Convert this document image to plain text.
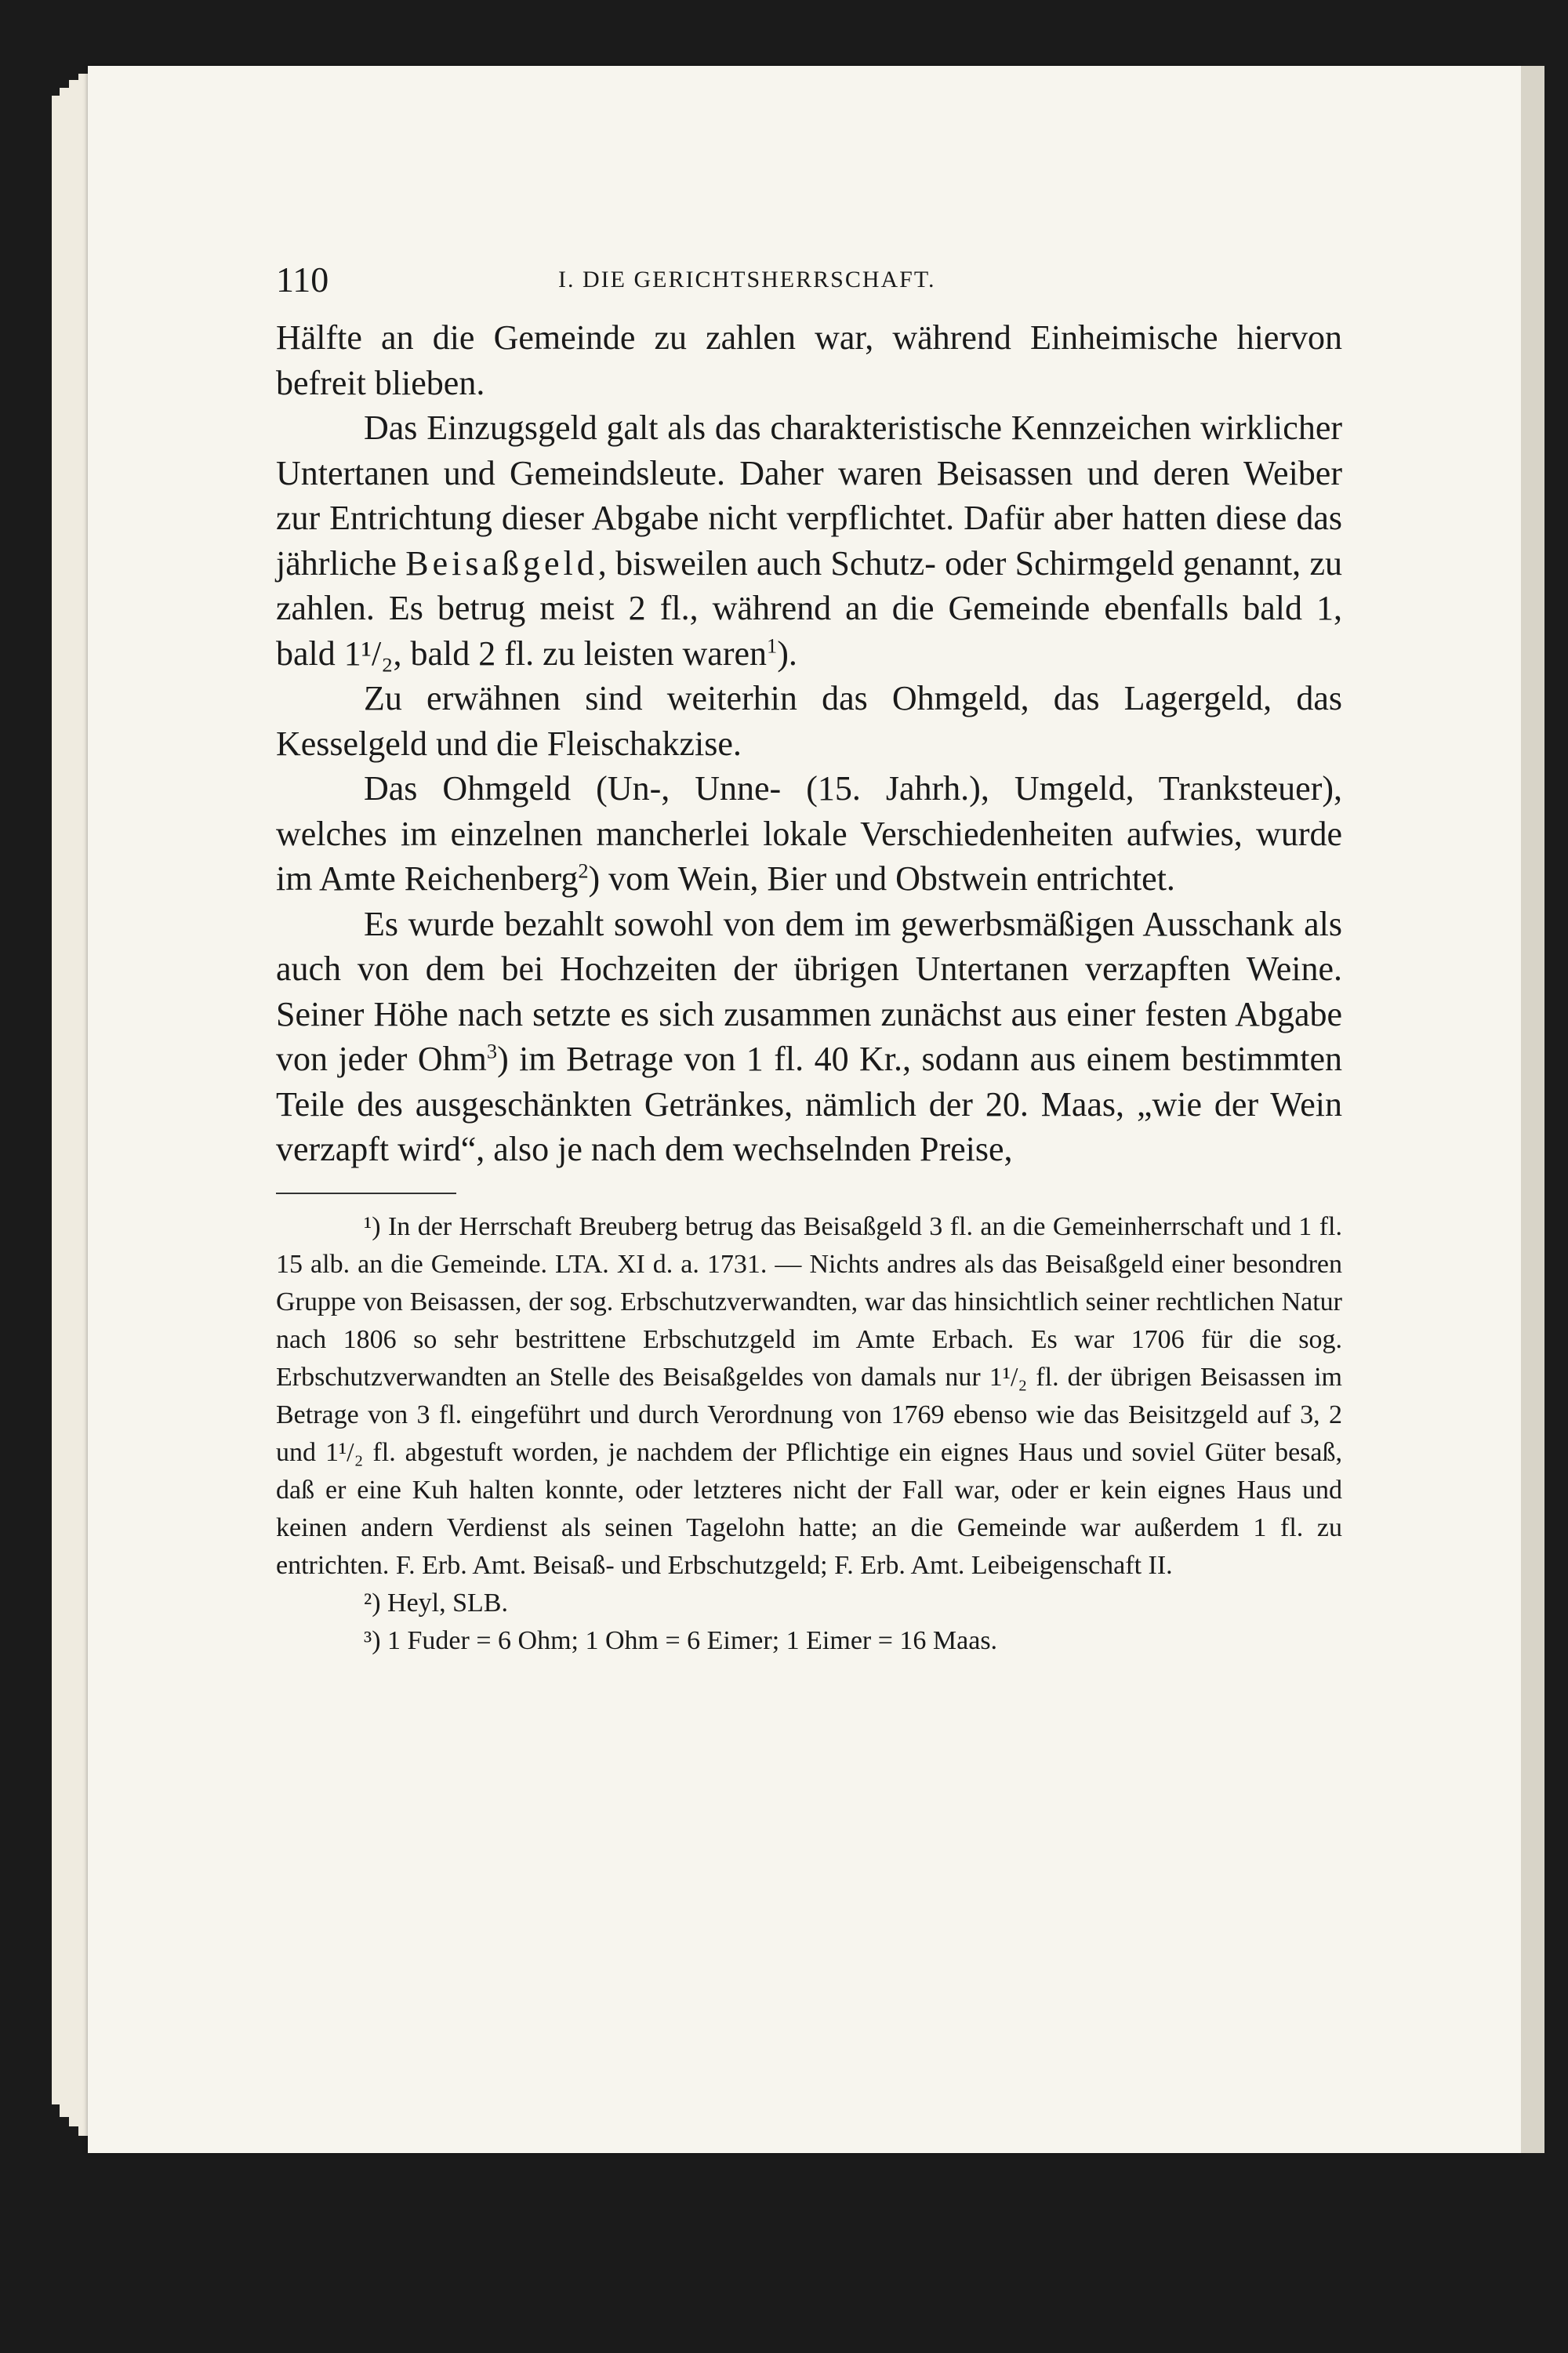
110	I. DIE GERICHTSHERRSCHAFT.

Hälfte an die Gemeinde zu zahlen war, während Einheimische hiervon befreit blieben.

Das Einzugsgeld galt als das charakteristische Kennzeichen wirklicher Untertanen und Gemeindsleute. Daher waren Beisassen und deren Weiber zur Entrichtung dieser Abgabe nicht verpflichtet. Dafür aber hatten diese das jährliche Beisaßgeld, bisweilen auch Schutz- oder Schirmgeld genannt, zu zahlen. Es betrug meist 2 fl., während an die Gemeinde ebenfalls bald 1, bald 1¹/₂, bald 2 fl. zu leisten waren$^1$).

Zu erwähnen sind weiterhin das Ohmgeld, das Lagergeld, das Kesselgeld und die Fleischakzise.

Das Ohmgeld (Un-, Unne- (15. Jahrh.), Umgeld, Tranksteuer), welches im einzelnen mancherlei lokale Verschiedenheiten aufwies, wurde im Amte Reichenberg$^2$) vom Wein, Bier und Obstwein entrichtet.

Es wurde bezahlt sowohl von dem im gewerbsmäßigen Ausschank als auch von dem bei Hochzeiten der übrigen Untertanen verzapften Weine. Seiner Höhe nach setzte es sich zusammen zunächst aus einer festen Abgabe von jeder Ohm$^3$) im Betrage von 1 fl. 40 Kr., sodann aus einem bestimmten Teile des ausgeschänkten Getränkes, nämlich der 20. Maas, „wie der Wein verzapft wird“, also je nach dem wechselnden Preise,

¹) In der Herrschaft Breuberg betrug das Beisaßgeld 3 fl. an die Gemeinherrschaft und 1 fl. 15 alb. an die Gemeinde. LTA. XI d. a. 1731. — Nichts andres als das Beisaßgeld einer besondren Gruppe von Beisassen, der sog. Erbschutzverwandten, war das hinsichtlich seiner rechtlichen Natur nach 1806 so sehr bestrittene Erbschutzgeld im Amte Erbach. Es war 1706 für die sog. Erbschutzverwandten an Stelle des Beisaßgeldes von damals nur 1¹/₂ fl. der übrigen Beisassen im Betrage von 3 fl. eingeführt und durch Verordnung von 1769 ebenso wie das Beisitzgeld auf 3, 2 und 1¹/₂ fl. abgestuft worden, je nachdem der Pflichtige ein eignes Haus und soviel Güter besaß, daß er eine Kuh halten konnte, oder letzteres nicht der Fall war, oder er kein eignes Haus und keinen andern Verdienst als seinen Tagelohn hatte; an die Gemeinde war außerdem 1 fl. zu entrichten. F. Erb. Amt. Beisaß- und Erbschutzgeld; F. Erb. Amt. Leibeigenschaft II.

²) Heyl, SLB.

³) 1 Fuder = 6 Ohm; 1 Ohm = 6 Eimer; 1 Eimer = 16 Maas.
